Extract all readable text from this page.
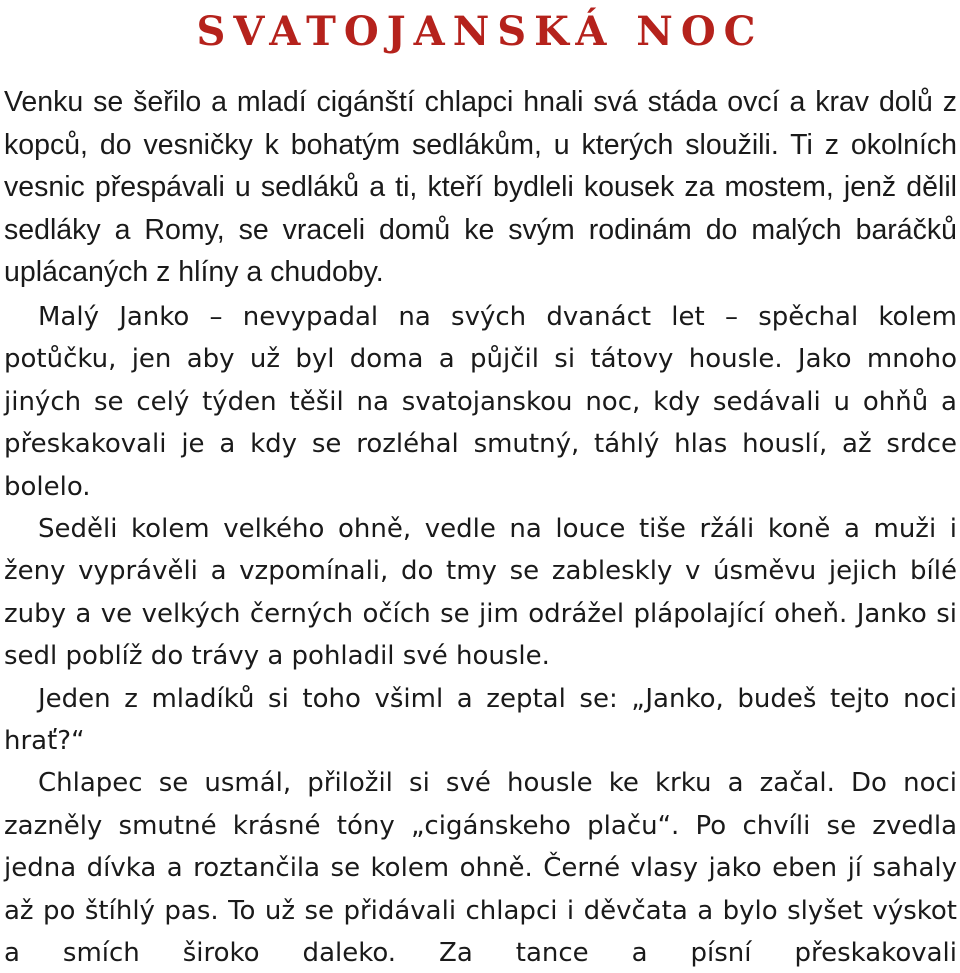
SVATOJANSKÁ NOC
Venku se šeřilo a mladí cigánští chlapci hnali svá stáda ovcí a krav dolů z kopců, do vesničky k bohatým sedlákům, u kterých sloužili. Ti z okolních vesnic přespávali u sedláků a ti, kteří bydleli kousek za mostem, jenž dělil sedláky a Romy, se vraceli domů ke svým rodinám do malých baráčků uplácaných z hlíny a chudoby.

Malý Janko – nevypadal na svých dvanáct let – spěchal kolem potůčku, jen aby už byl doma a půjčil si tátovy housle. Jako mnoho jiných se celý týden těšil na svatojanskou noc, kdy sedávali u ohňů a přeskakovali je a kdy se rozléhal smutný, táhlý hlas houslí, až srdce bolelo.

Seděli kolem velkého ohně, vedle na louce tiše ržáli koně a muži i ženy vyprávěli a vzpomínali, do tmy se zableskly v úsměvu jejich bílé zuby a ve velkých černých očích se jim odrážel plápolající oheň. Janko si sedl poblíž do trávy a pohladil své housle.

Jeden z mladíků si toho všiml a zeptal se: „Janko, budeš tejto noci hrať?“

Chlapec se usmál, přiložil si své housle ke krku a začal. Do noci zazněly smutné krásné tóny „cigánskeho plaču“. Po chvíli se zvedla jedna dívka a roztančila se kolem ohně. Černé vlasy jako eben jí sahaly až po štíhlý pas. To už se přidávali chlapci i děvčata a bylo slyšet výskot a smích široko daleko. Za tance a písní přeskakovali
